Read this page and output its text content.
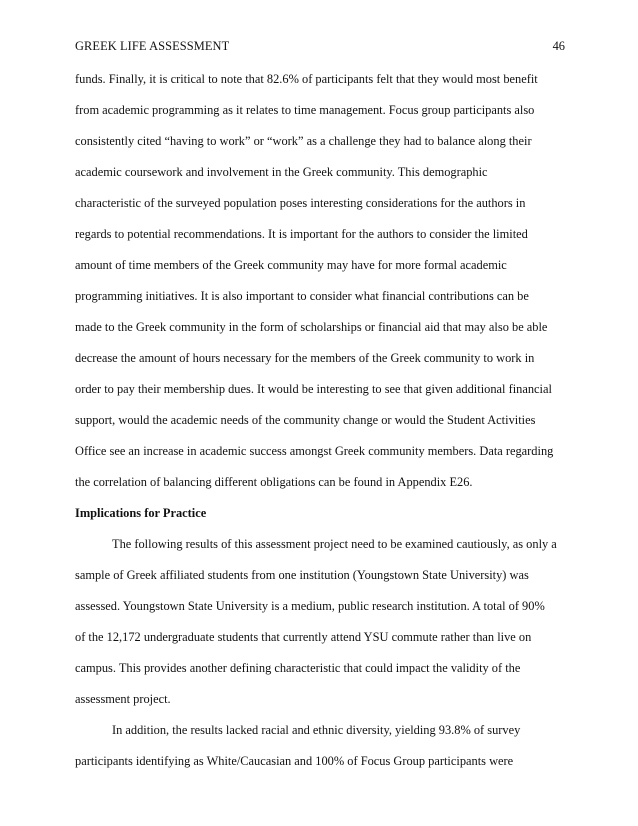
GREEK LIFE ASSESSMENT	46
funds. Finally, it is critical to note that 82.6% of participants felt that they would most benefit
from academic programming as it relates to time management. Focus group participants also
consistently cited “having to work” or “work” as a challenge they had to balance along their
academic coursework and involvement in the Greek community. This demographic
characteristic of the surveyed population poses interesting considerations for the authors in
regards to potential recommendations. It is important for the authors to consider the limited
amount of time members of the Greek community may have for more formal academic
programming initiatives. It is also important to consider what financial contributions can be
made to the Greek community in the form of scholarships or financial aid that may also be able
decrease the amount of hours necessary for the members of the Greek community to work in
order to pay their membership dues. It would be interesting to see that given additional financial
support, would the academic needs of the community change or would the Student Activities
Office see an increase in academic success amongst Greek community members. Data regarding
the correlation of balancing different obligations can be found in Appendix E26.
Implications for Practice
The following results of this assessment project need to be examined cautiously, as only a
sample of Greek affiliated students from one institution (Youngstown State University) was
assessed. Youngstown State University is a medium, public research institution. A total of 90%
of the 12,172 undergraduate students that currently attend YSU commute rather than live on
campus. This provides another defining characteristic that could impact the validity of the
assessment project.
In addition, the results lacked racial and ethnic diversity, yielding 93.8% of survey
participants identifying as White/Caucasian and 100% of Focus Group participants were
